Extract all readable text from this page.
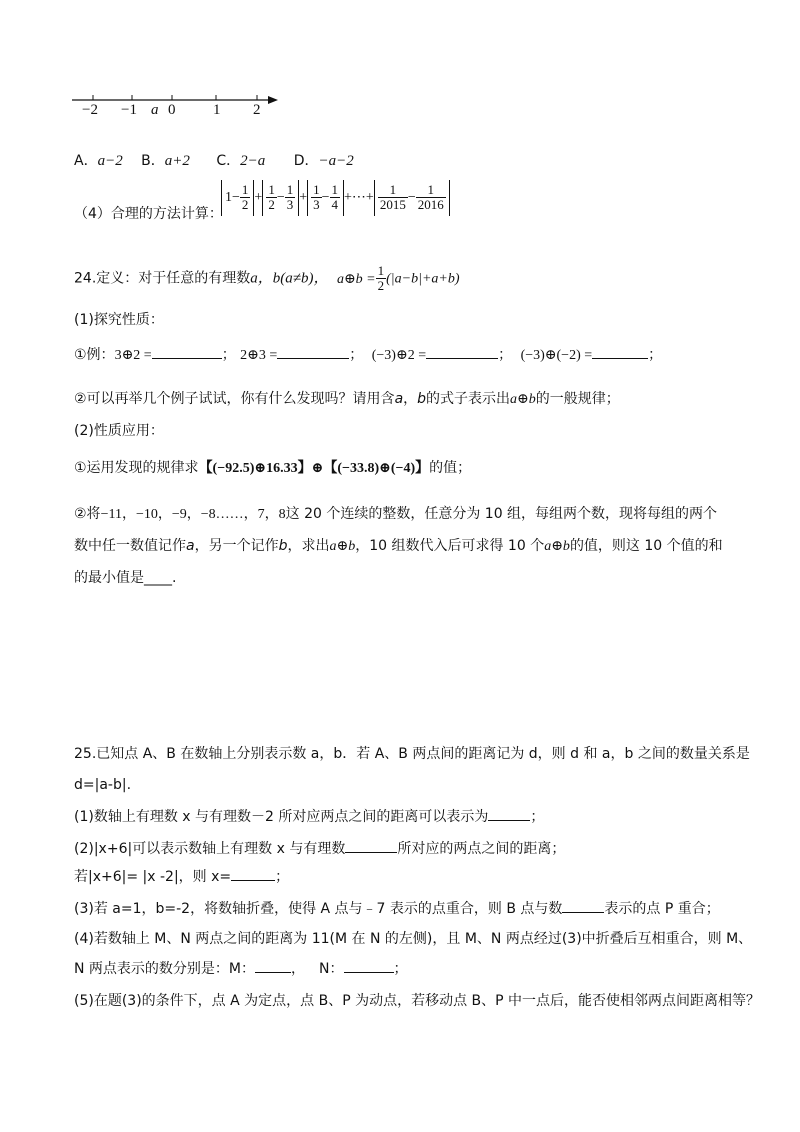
−2 −1 a 0	1 2
A．a−2 B．a+2 C．2−a D．−a−2
（4）合理的方法计算：
$1- \frac{1}{2} + \frac{1}{2} - \frac{1}{3} + \frac{1}{3} - \frac{1}{4}$ +⋯+ $\frac{1}{2015} - \frac{1}{2016}$
24.定义：对于任意的有理数a，b(a≠b)， a⊕b = $\frac{1}{2} (|a-b|+a+b)$
(1)探究性质：
①例：3⊕2 =	； 2⊕3 =	； (−3)⊕2 =	； (−3)⊕(−2) =	；
②可以再举几个例子试试，你有什么发现吗？请用含a，b的式子表示出a⊕b的一般规律；
(2)性质应用：
①运用发现的规律求【(−92.5)⊕16.33】⊕【(−33.8)⊕(−4)】的值；
②将−11，−10，−9，−8……，7，8这 20 个连续的整数，任意分为 10 组，每组两个数，现将每组的两个
数中任一数值记作a，另一个记作b，求出a⊕b，10 组数代入后可求得 10 个a⊕b的值，则这 10 个值的和
的最小值是____.
25.已知点 A、B 在数轴上分别表示数 a，b．若 A、B 两点间的距离记为 d，则 d 和 a，b 之间的数量关系是
d=|a-b|.
(1)数轴上有理数 x 与有理数－2 所对应两点之间的距离可以表示为	；
(2)|x+6|可以表示数轴上有理数 x 与有理数	所对应的两点之间的距离；
若|x+6|= |x -2|，则 x=	；
(3)若 a=1，b=-2，将数轴折叠，使得 A 点与﹣7 表示的点重合，则 B 点与数	表示的点 P 重合；
(4)若数轴上 M、N 两点之间的距离为 11(M 在 N 的左侧)，且 M、N 两点经过(3)中折叠后互相重合，则 M、
N 两点表示的数分别是：M：	， N：	；
(5)在题(3)的条件下，点 A 为定点，点 B、P 为动点，若移动点 B、P 中一点后，能否使相邻两点间距离相等？
